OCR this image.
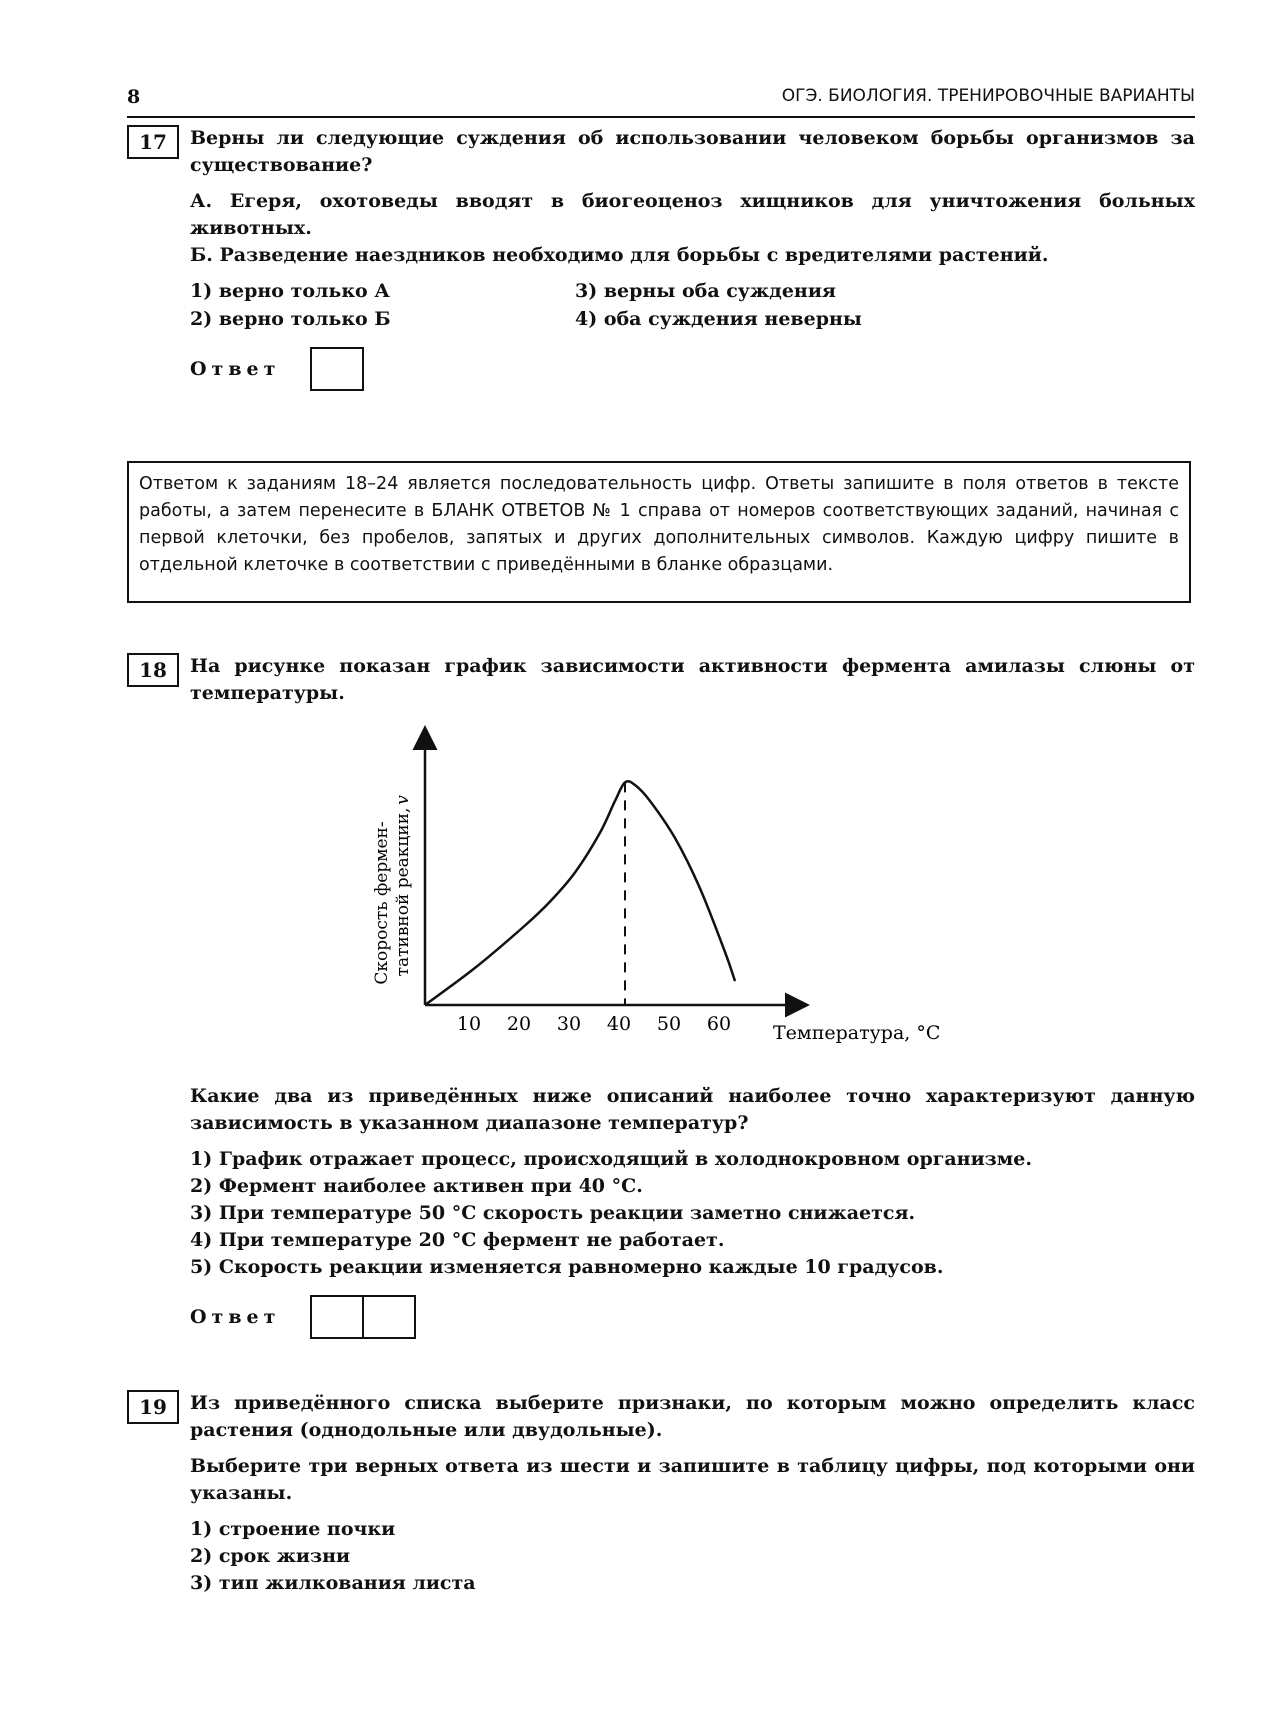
8	ОГЭ. БИОЛОГИЯ. ТРЕНИРОВОЧНЫЕ ВАРИАНТЫ
17	Верны ли следующие суждения об использовании человеком борьбы организмов за существование?

А. Егеря, охотоведы вводят в биогеоценоз хищников для уничтожения больных животных.

Б. Разведение наездников необходимо для борьбы с вредителями растений.

1) верно только А	3) верны оба суждения
2) верно только Б	4) оба суждения неверны
Ответ
Ответом к заданиям 18–24 является последовательность цифр. Ответы запишите в поля ответов в тексте работы, а затем перенесите в БЛАНК ОТВЕТОВ № 1 справа от номеров соответствующих заданий, начиная с первой клеточки, без пробелов, запятых и других дополнительных символов. Каждую цифру пишите в отдельной клеточке в соответствии с приведёнными в бланке образцами.
18	На рисунке показан график зависимости активности фермента амилазы слюны от температуры.

Скорость фермен- тативной реакции,
v
Температура, °С
10 20 30 40 50 60

Какие два из приведённых ниже описаний наиболее точно характеризуют данную зависимость в указанном диапазоне температур?

1) График отражает процесс, происходящий в холоднокровном организме.
2) Фермент наиболее активен при 40 °С.
3) При температуре 50 °С скорость реакции заметно снижается.
4) При температуре 20 °С фермент не работает.
5) Скорость реакции изменяется равномерно каждые 10 градусов.
Ответ
19	Из приведённого списка выберите признаки, по которым можно определить класс растения (однодольные или двудольные).

Выберите три верных ответа из шести и запишите в таблицу цифры, под которыми они указаны.

1) строение почки
2) срок жизни
3) тип жилкования листа
